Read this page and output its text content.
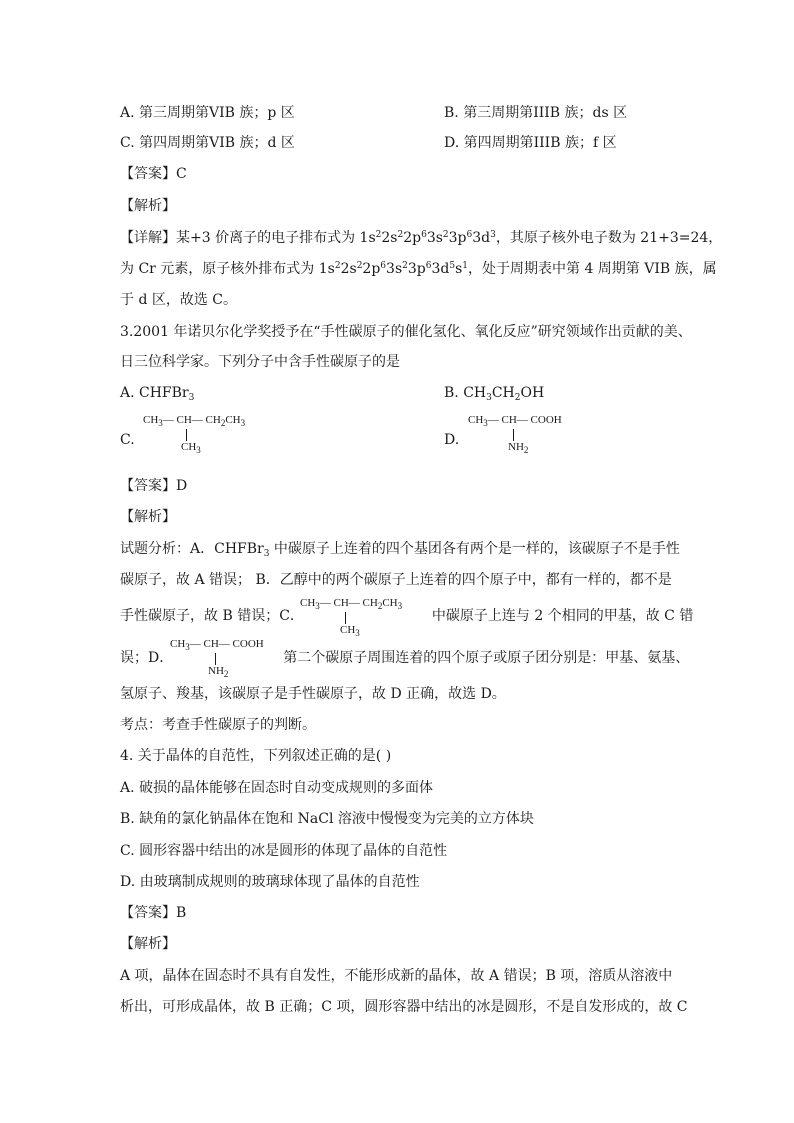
A. 第三周期第VIB 族；p 区	B. 第三周期第IIIB 族；ds 区
C. 第四周期第VIB 族；d 区	D. 第四周期第IIIB 族；f 区
【答案】C
【解析】
【详解】某+3 价离子的电子排布式为 $1s^22s^22p^63s^23p^63d^3$，其原子核外电子数为 21+3=24，
为 Cr 元素，原子核外排布式为 $1s^22s^22p^63s^23p^63d^5s^1$，处于周期表中第 4 周期第 VIB 族，属
于 d 区，故选 C。
3.2001 年诺贝尔化学奖授予在“手性碳原子的催化氢化、氧化反应”研究领域作出贡献的美、
日三位科学家。下列分子中含手性碳原子的是
A. CHFBr$_3$	B. $CH_3CH_2OH$
C.
$CH_3—$ CH— $CH_2CH_3$
$CH_3$
D.
$CH_3—$ CH— COOH
$NH_2$
【答案】D
【解析】
试题分析：A．CHFBr$_3$ 中碳原子上连着的四个基团各有两个是一样的，该碳原子不是手性
碳原子，故 A 错误； B．乙醇中的两个碳原子上连着的四个原子中，都有一样的，都不是
手性碳原子，故 B 错误；C．	中碳原子上连与 2 个相同的甲基，故 C 错
$CH_3—$ CH— $CH_2CH_3$
$CH_3$
误；D．	第二个碳原子周围连着的四个原子或原子团分别是：甲基、氨基、
$CH_3—$ CH— COOH
$NH_2$
氢原子、羧基，该碳原子是手性碳原子，故 D 正确，故选 D。
考点：考查手性碳原子的判断。
4. 关于晶体的自范性，下列叙述正确的是( )
A. 破损的晶体能够在固态时自动变成规则的多面体
B. 缺角的氯化钠晶体在饱和 NaCl 溶液中慢慢变为完美的立方体块
C. 圆形容器中结出的冰是圆形的体现了晶体的自范性
D. 由玻璃制成规则的玻璃球体现了晶体的自范性
【答案】B
【解析】
A 项，晶体在固态时不具有自发性，不能形成新的晶体，故 A 错误；B 项，溶质从溶液中
析出，可形成晶体，故 B 正确；C 项，圆形容器中结出的冰是圆形，不是自发形成的，故 C
